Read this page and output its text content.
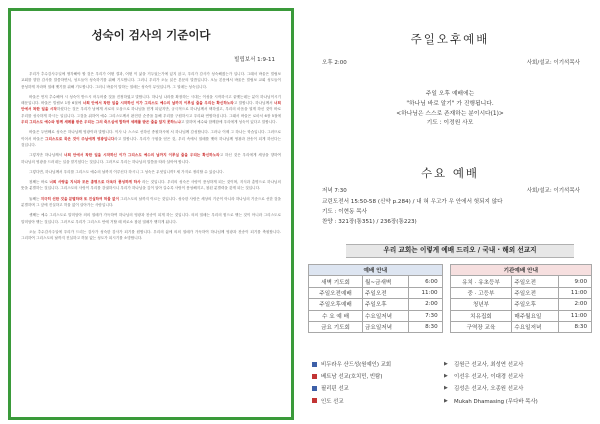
성숙이 검사의 기준이다
빌립보서 1:9-11

우리가 추수감사주일에 생각해야 할 것은 우리가 어떤 결과, 어떤 이 삶을 거두었는가에 있지 않고, 우리가 감사가 성숙해졌는가 입니다. 그래서 바울은 빌립보 교회를 향한 감사를 말씀하면서, 성도들이 성숙하기를 위해 기도합니다. 그러니 우리가 오늘 읽은 본문의 말씀입니다. 오늘 본문에서 바울은 빌립보 교회 성도들이 풍성하게 자라며 열매 맺기를 위해 기도합니다. 그러니 바울이 말하는 열매는 성숙이 무엇입니까. 그 열매는 성숙입니다.

바울은 먼저 추수해야 시 성숙이 받으시 어두어줄 것을 진정하였고 말합니다. 하나님 나라를 확장하는 시대는 이성을 시작하시고 끝맺는데는 분이 하나님이시기 때문입니다. 바울은 빌립보 1장 6절에 너희 안에서 착한 일을 시작하신 이가 그리스도 예수의 날까지 이루실 줄을 우리는 확신하노라고 말합니다. 하나님께서 너희 안에서 착한 일을 시작하셨다는 것은 우리가 남에게 서로의 도움으로 하나님을 믿게 되었지만, 궁극적으로 하나님께서 택하셨고, 우리의 마음을 열게 하신 것이 바로 우리를 성숙하게 하시는 일입니다. 그것을 위하여 예수 그리스도께서 완전한 순종을 통해 우리를 구원하시고 우리와 연합하십니다. 그래서 바울은 로마서 6장 5절에 우리 그리스도 예수와 함께 세례를 받은 우리는 그의 죽으심에 합하여 세례를 받은 줄을 알지 못하느냐고 말하며 예수와 함께함에 우리에게 성숙이 있다고 말합니다.

바울은 두번째로 성숙은 하나님께 영광이라 말합니다. 이사 나 스스로 선하신 종원하시에 서 하나님께 감성합니다. 그러나 이제 그 하나는 학습입니다. 그러므로 이어서 바울은 그리스도로 묵은 것이 주님에게 영광입니다라고 말합니다. 우리가 구원을 얻은 것, 우리 속에서 열매를 맺어 하나님께 영광과 찬송이 되게 하신다는 것입니다.

그렇지만 하나님께서 너희 안에서 착한 일을 시작하신 이가 그리스도 예수의 날까지 이루실 줄을 우리는 확신하노라고 하신 것은 우리에게 세상을 향하여 하나님의 영광을 드러내는 일을 맡기셨다는 것입니다. 그러므로 우리는 하나님의 말씀을 따라 살아야 합니다.

그렇다면, 하나님께서 우리를 그리스도 예수의 날까지 이루신다 하시니 그 성숙은 무엇입니까? 세 가지로 정리할 수 있습니다.

첫째는 바로 너희 사랑을 지식과 모든 총명으로 더욱더 풍성하게 하사 라는 것입니다. 우리의 성숙은 사랑이 풍성하게 되는 것이며, 지식과 총명으로 하나님의 뜻을 분별하는 것입니다. 그리스도의 사랑이 우리를 강권하시니 우리가 하나님을 깊이 알아 갈수록 사랑이 풍성해지고, 참된 분별력을 갖게 되는 것입니다.

둘째는 지극히 선한 것을 분별하며 또 진실하여 허물 없이 그리스도의 날까지 이르는 것입니다. 성숙한 사람은 세상의 기준이 아니라 하나님의 기준으로 선한 것을 분별하며 그 앞에 진실하고 허물 없이 살아가는 사람입니다.

셋째는 예수 그리스도로 말미암아 의의 열매가 가득하여 하나님의 영광과 찬송이 되게 하는 것입니다. 의의 열매는 우리의 힘으로 맺는 것이 아니라 그리스도로 말미암아 맺는 것입니다. 그러므로 우리가 그리스도 안에 거할 때 비로소 참된 열매가 맺히게 됩니다.

오늘 추수감사주일에 우리가 드리는 감사가 성숙한 감사가 되기를 원합니다. 우리의 삶에 의의 열매가 가득하여 하나님께 영광과 찬송이 되기를 축원합니다. 그리하여 그리스도의 날까지 진실하고 허물 없는 성도가 되시기를 소망합니다.

주일오후예배
오후 2:00	사회/설교: 이기석목사
주일 오후 예배에는
"하나님 바로 알기" 가 진행됩니다.
<하나님은 스스로 존재하는 분이시다(1)>
기도 : 이정원 사모
수요 예배
저녁 7:30	사회/설교: 이기석목사
교린도전서 15:50-58 (신약 p.284) / 내 혀 우고가 우 안에서 헛되지 않다
기도 : 이현동 목사
찬양 : 321장(통351) / 236장(통223)
우리 교회는 이렇게 예배 드리오 / 국내 · 해외 선교지
예배 안내				기관예배 안내		
새벽 기도회	월~금새벽	6:00		유치 · 유초등부	주일오전	9:00
주일오전예배	주일오전	11:00		중 · 고등부	주일오전	11:00
주일오후예배	주일오후	2:00		청년부	주일오후	2:00
수 요 예 배	수요일저녁	7:30		치유집회	매주월요일	11:00
금요 기도회	금요일저녁	8:30		구역장 교육	수요일저녁	8:30
비두라우 산드성(원예인) 교회	▶	김원근 선교사, 최성연 선교사
베트남 선교(호치민, 빈탐)	▶	이선우 선교사, 이대경 선교사
필리핀 선교	▶	김성은 선교사, 오종원 선교사
인도 선교	▶	Mukah Dhamasing (무다바 목사)
